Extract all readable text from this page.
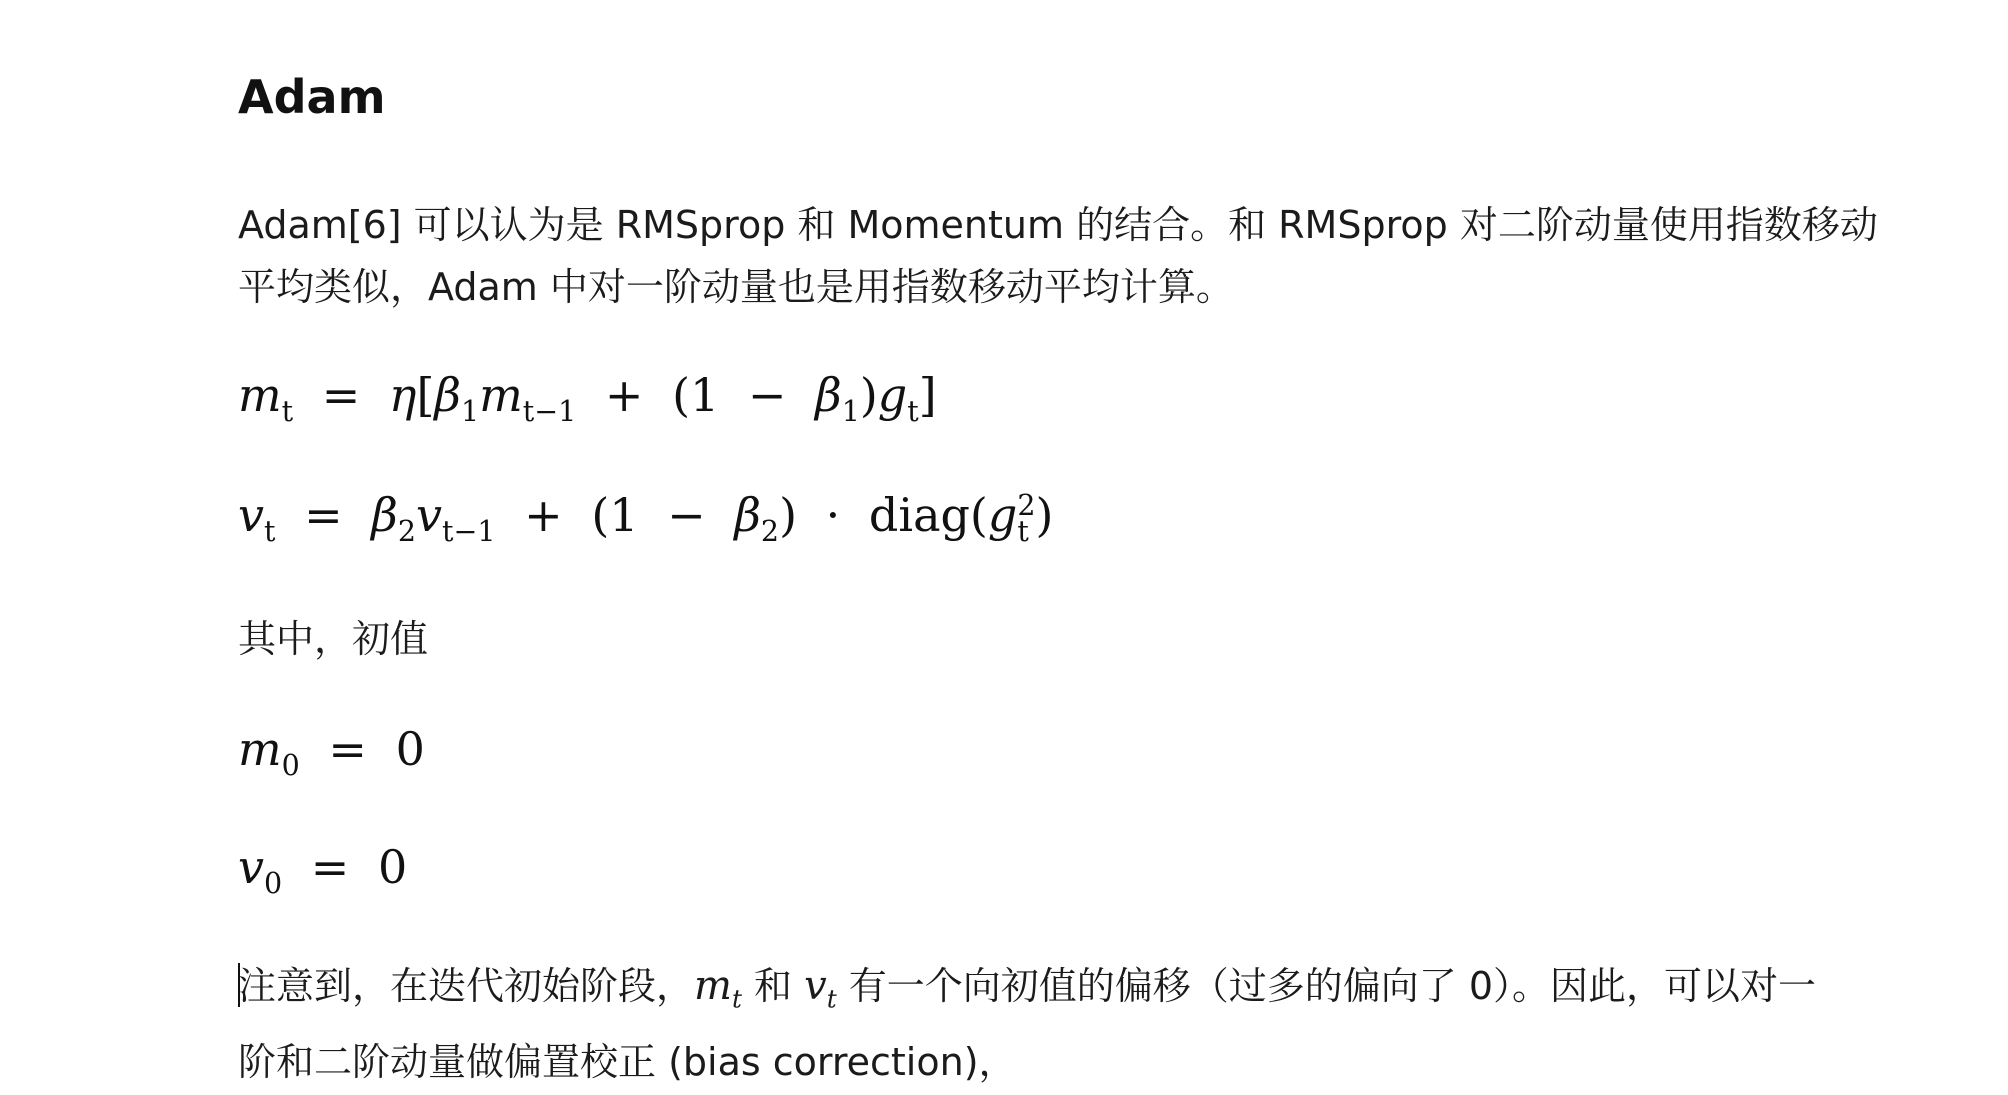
Adam
Adam[6] 可以认为是 RMSprop 和 Momentum 的结合。和 RMSprop 对二阶动量使用指数移动
平均类似，Adam 中对一阶动量也是用指数移动平均计算。
$m_t = \eta[\beta_1m_{t-1} + (1 - \beta_1)g_t]$
$v_t = \beta_2v_{t-1} + (1 - \beta_2)$ · diag(g 2
t )
其中，初值
$m_0 = 0$
$v_0 = 0$
注意到，在迭代初始阶段，$m_t$ 和 $v_t$ 有一个向初值的偏移（过多的偏向了 0）。因此，可以对一
阶和二阶动量做偏置校正 (bias correction)，
